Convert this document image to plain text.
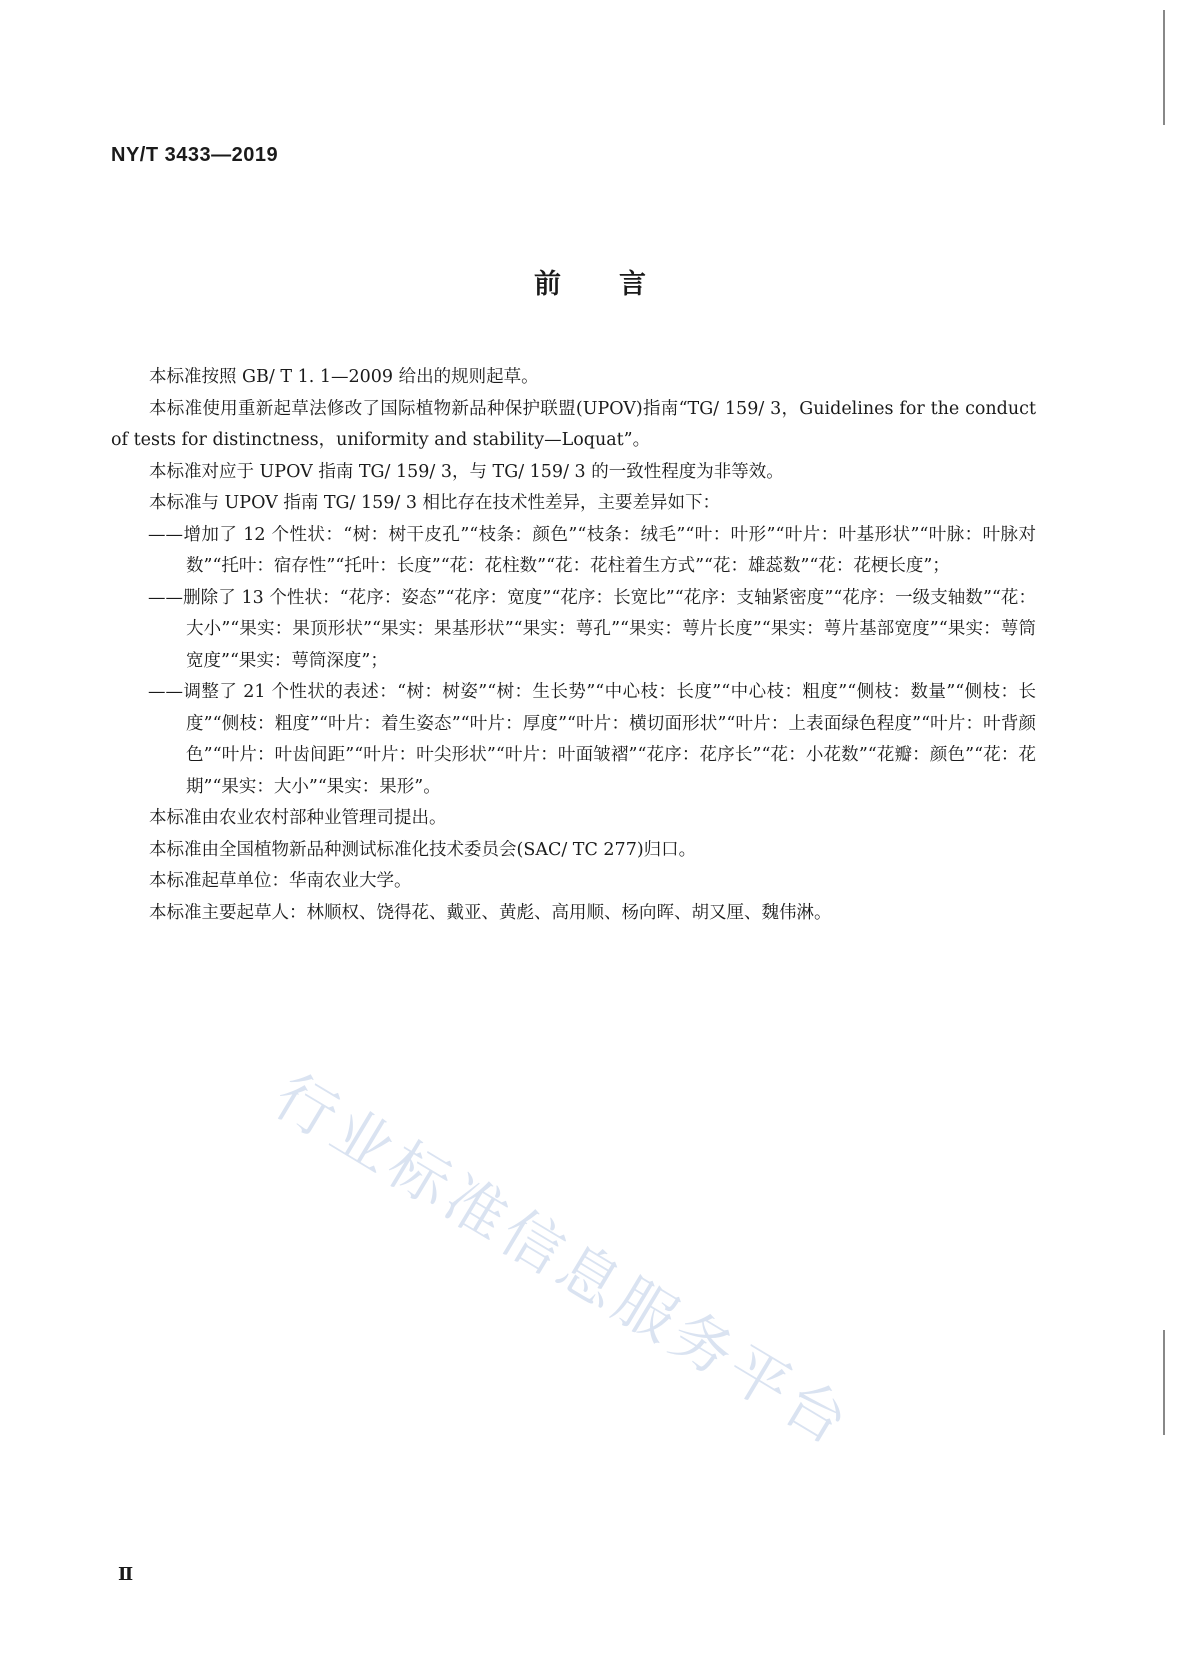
NY/T 3433—2019
前言

本标准按照 GB/ T 1. 1—2009 给出的规则起草。

本标准使用重新起草法修改了国际植物新品种保护联盟(UPOV)指南“TG/ 159/ 3，Guidelines for the conduct of tests for distinctness，uniformity and stability—Loquat”。

本标准对应于 UPOV 指南 TG/ 159/ 3，与 TG/ 159/ 3 的一致性程度为非等效。

本标准与 UPOV 指南 TG/ 159/ 3 相比存在技术性差异，主要差异如下：

——增加了 12 个性状：“树：树干皮孔”“枝条：颜色”“枝条：绒毛”“叶：叶形”“叶片：叶基形状”“叶脉：叶脉对数”“托叶：宿存性”“托叶：长度”“花：花柱数”“花：花柱着生方式”“花：雄蕊数”“花：花梗长度”；
——删除了 13 个性状：“花序：姿态”“花序：宽度”“花序：长宽比”“花序：支轴紧密度”“花序：一级支轴数”“花：大小”“果实：果顶形状”“果实：果基形状”“果实：萼孔”“果实：萼片长度”“果实：萼片基部宽度”“果实：萼筒宽度”“果实：萼筒深度”；
——调整了 21 个性状的表述：“树：树姿”“树：生长势”“中心枝：长度”“中心枝：粗度”“侧枝：数量”“侧枝：长度”“侧枝：粗度”“叶片：着生姿态”“叶片：厚度”“叶片：横切面形状”“叶片：上表面绿色程度”“叶片：叶背颜色”“叶片：叶齿间距”“叶片：叶尖形状”“叶片：叶面皱褶”“花序：花序长”“花：小花数”“花瓣：颜色”“花：花期”“果实：大小”“果实：果形”。

本标准由农业农村部种业管理司提出。

本标准由全国植物新品种测试标准化技术委员会(SAC/ TC 277)归口。

本标准起草单位：华南农业大学。

本标准主要起草人：林顺权、饶得花、戴亚、黄彪、高用顺、杨向晖、胡又厘、魏伟淋。

行业标准信息服务平台
Ⅱ
